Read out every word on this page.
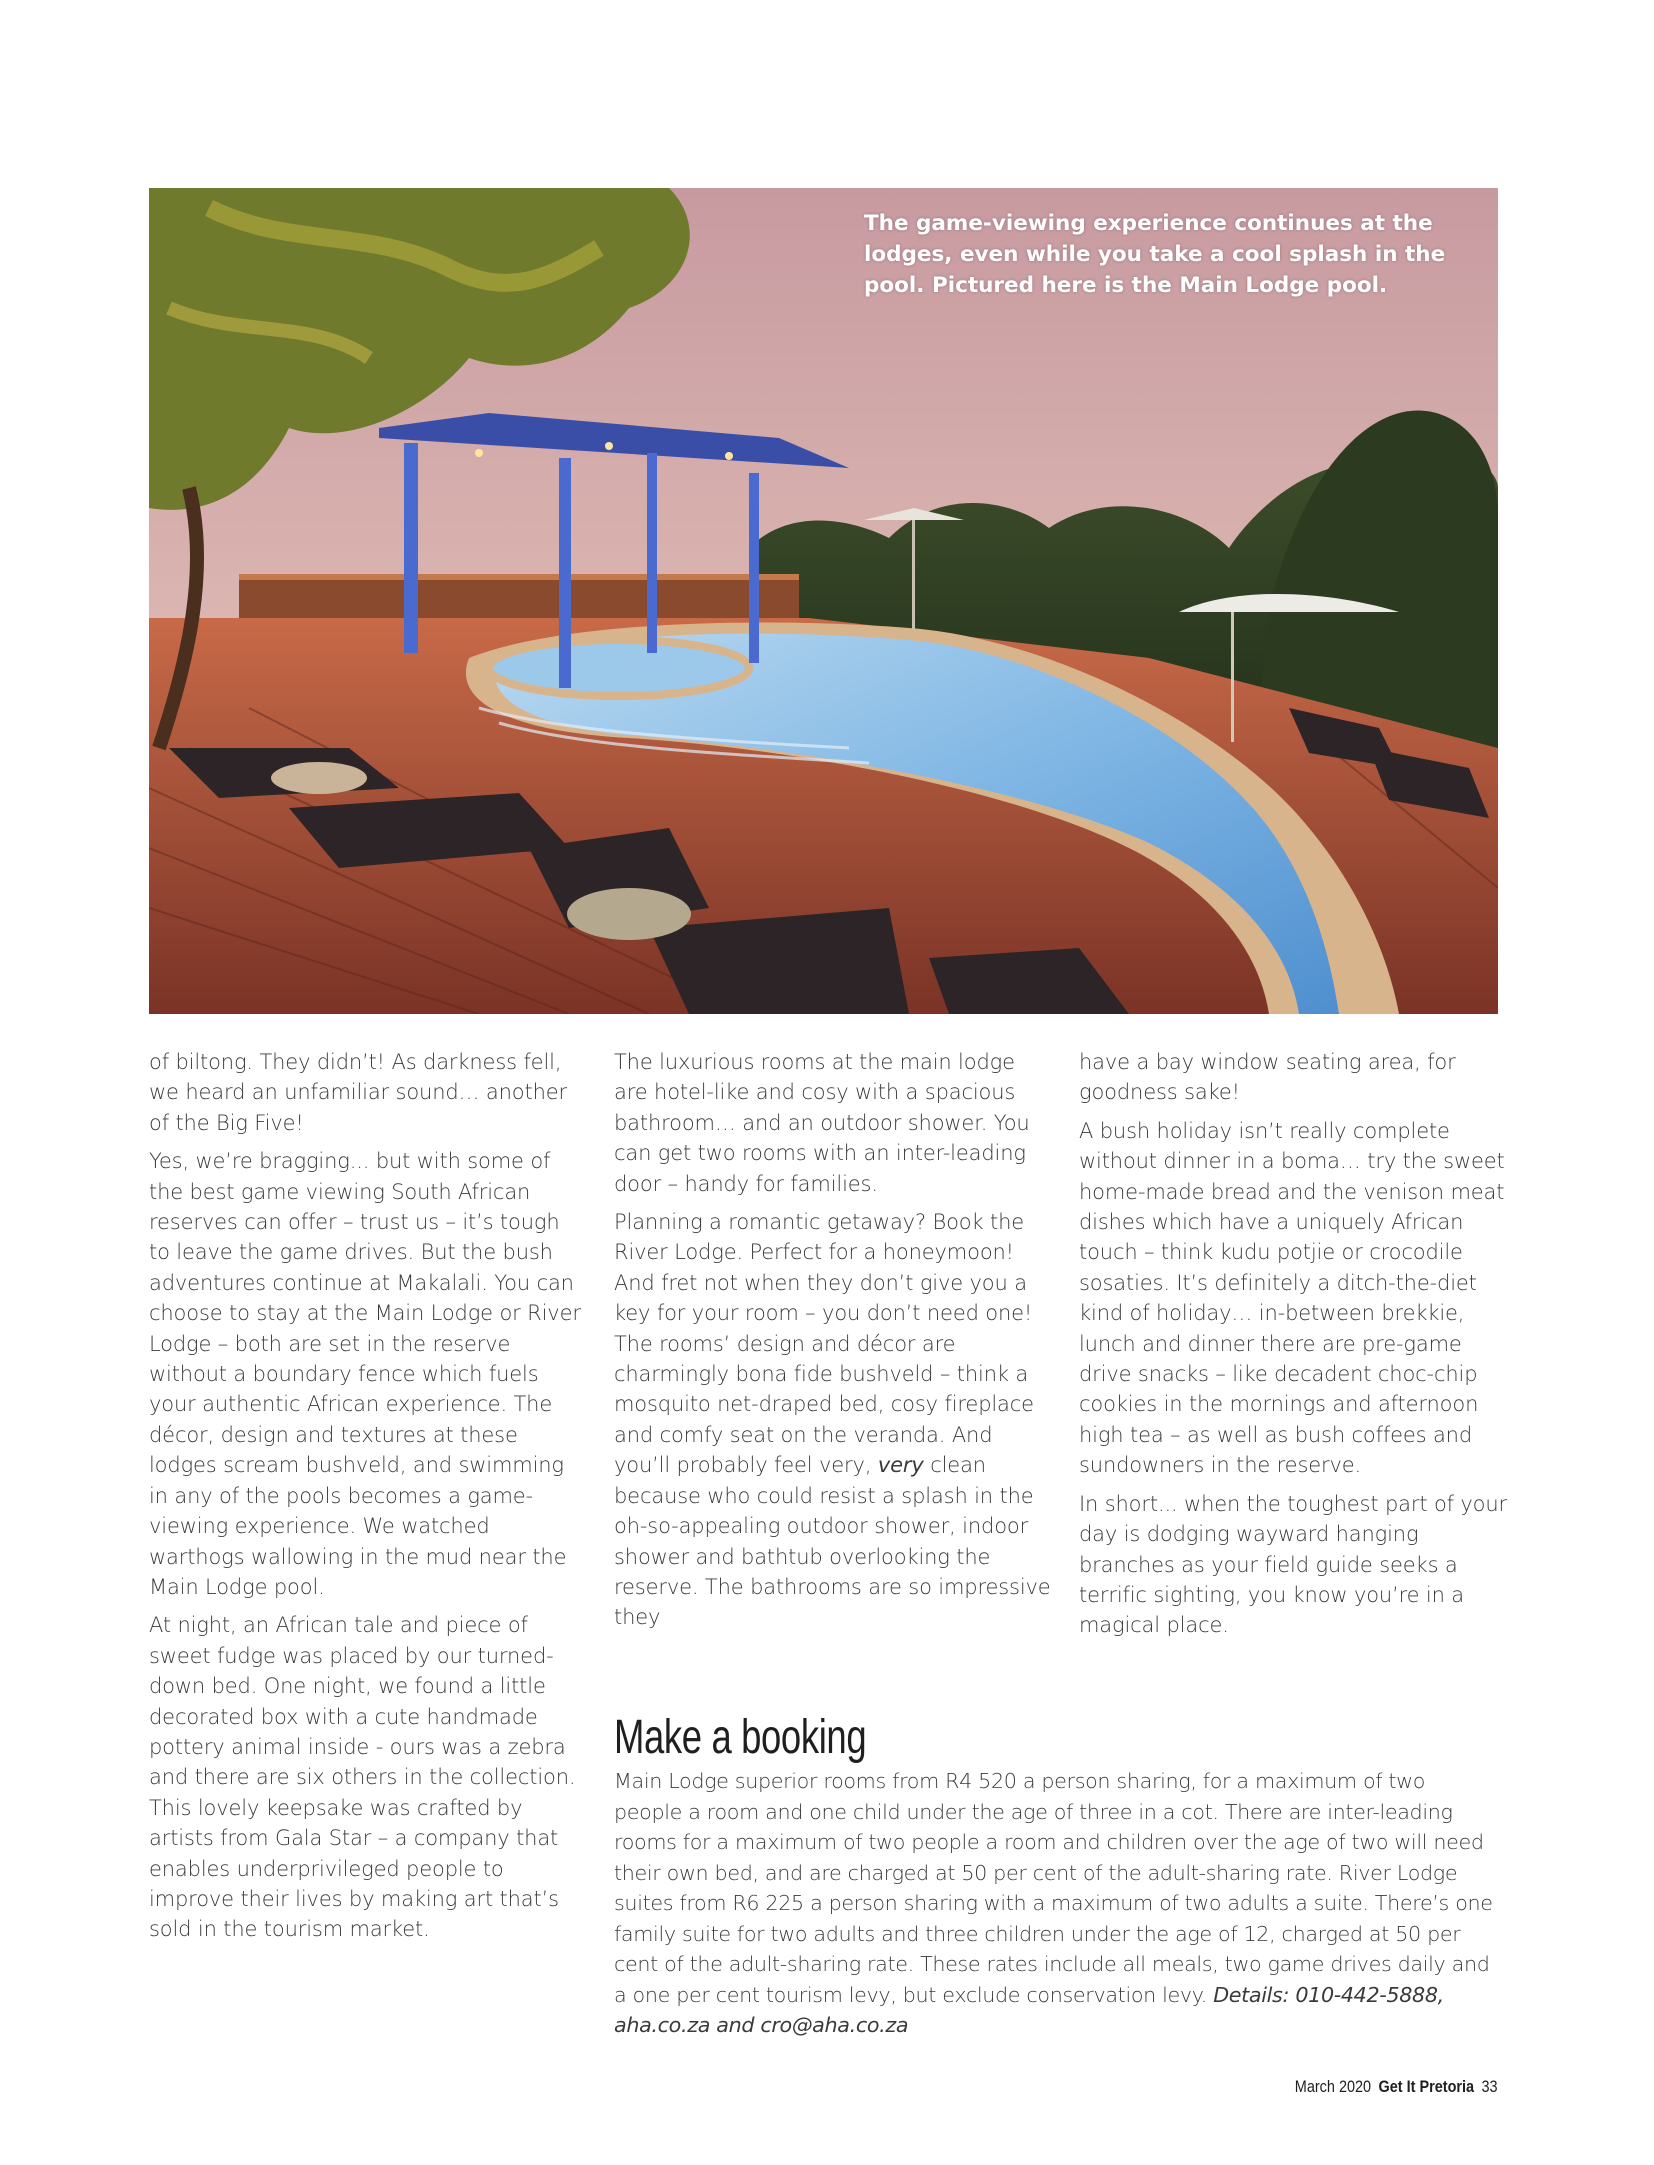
The game-viewing experience continues at the lodges, even while you take a cool splash in the pool. Pictured here is the Main Lodge pool.

of biltong. They didn’t! As darkness fell, we heard an unfamiliar sound… another of the Big Five!

Yes, we’re bragging... but with some of the best game viewing South African reserves can offer – trust us – it’s tough to leave the game drives. But the bush adventures continue at Makalali. You can choose to stay at the Main Lodge or River Lodge – both are set in the reserve without a boundary fence which fuels your authentic African experience. The décor, design and textures at these lodges scream bushveld, and swimming in any of the pools becomes a game-viewing experience. We watched warthogs wallowing in the mud near the Main Lodge pool.

At night, an African tale and piece of sweet fudge was placed by our turned-down bed. One night, we found a little decorated box with a cute handmade pottery animal inside - ours was a zebra and there are six others in the collection. This lovely keepsake was crafted by artists from Gala Star – a company that enables underprivileged people to improve their lives by making art that’s sold in the tourism market.

The luxurious rooms at the main lodge are hotel-like and cosy with a spacious bathroom… and an outdoor shower. You can get two rooms with an inter-leading door – handy for families.

Planning a romantic getaway? Book the River Lodge. Perfect for a honeymoon! And fret not when they don’t give you a key for your room – you don’t need one! The rooms’ design and décor are charmingly bona fide bushveld – think a mosquito net-draped bed, cosy fireplace and comfy seat on the veranda. And you’ll probably feel very, very clean because who could resist a splash in the oh-so-appealing outdoor shower, indoor shower and bathtub overlooking the reserve. The bathrooms are so impressive they

have a bay window seating area, for goodness sake!

A bush holiday isn’t really complete without dinner in a boma… try the sweet home-made bread and the venison meat dishes which have a uniquely African touch – think kudu potjie or crocodile sosaties. It’s definitely a ditch-the-diet kind of holiday… in-between brekkie, lunch and dinner there are pre-game drive snacks – like decadent choc-chip cookies in the mornings and afternoon high tea – as well as bush coffees and sundowners in the reserve.

In short... when the toughest part of your day is dodging wayward hanging branches as your field guide seeks a terrific sighting, you know you’re in a magical place.

Make a booking
Main Lodge superior rooms from R4 520 a person sharing, for a maximum of two people a room and one child under the age of three in a cot. There are inter-leading rooms for a maximum of two people a room and children over the age of two will need their own bed, and are charged at 50 per cent of the adult-sharing rate. River Lodge suites from R6 225 a person sharing with a maximum of two adults a suite. There’s one family suite for two adults and three children under the age of 12, charged at 50 per cent of the adult-sharing rate. These rates include all meals, two game drives daily and a one per cent tourism levy, but exclude conservation levy. Details: 010-442-5888, aha.co.za and cro@aha.co.za
March 2020 Get It Pretoria 33
